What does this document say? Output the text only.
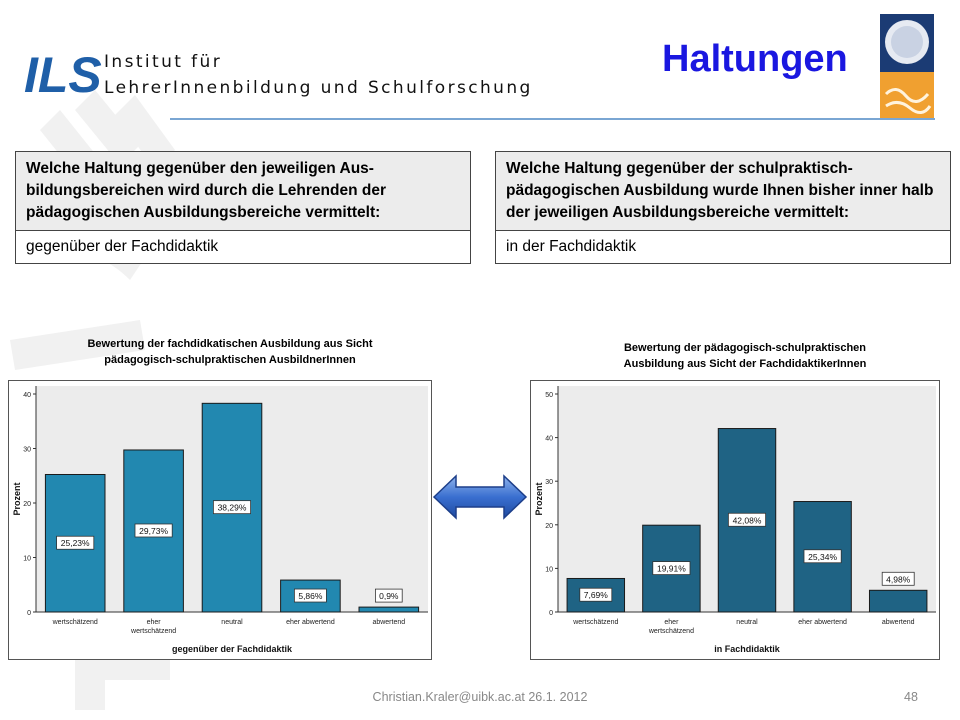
ILS Institut für
LehrerInnenbildung und Schulforschung
Haltungen
Welche Haltung gegenüber den jeweiligen Aus-bildungsbereichen wird durch die Lehrenden der pädagogischen Ausbildungsbereiche vermittelt:
gegenüber der Fachdidaktik
Welche Haltung gegenüber der schulpraktisch-pädagogischen Ausbildung wurde Ihnen bisher inner halb der jeweiligen Ausbildungsbereiche vermittelt:
in der Fachdidaktik
Bewertung der fachdidkatischen Ausbildung aus Sicht
pädagogisch-schulpraktischen AusbildnerInnen
Bewertung der pädagogisch-schulpraktischen
Ausbildung aus Sicht der FachdidaktikerInnen
0
10
20
30
40
Prozent
25,23%
wertschätzend
29,73%
eher
wertschätzend
38,29%
neutral
5,86%
eher abwertend
0,9%
abwertend
gegenüber der Fachdidaktik
0
10
20
30
40
50
Prozent
7,69%
wertschätzend
19,91%
eher
wertschätzend
42,08%
neutral
25,34%
eher abwertend
4,98%
abwertend
in Fachdidaktik
Christian.Kraler@uibk.ac.at 26.1. 2012	48
